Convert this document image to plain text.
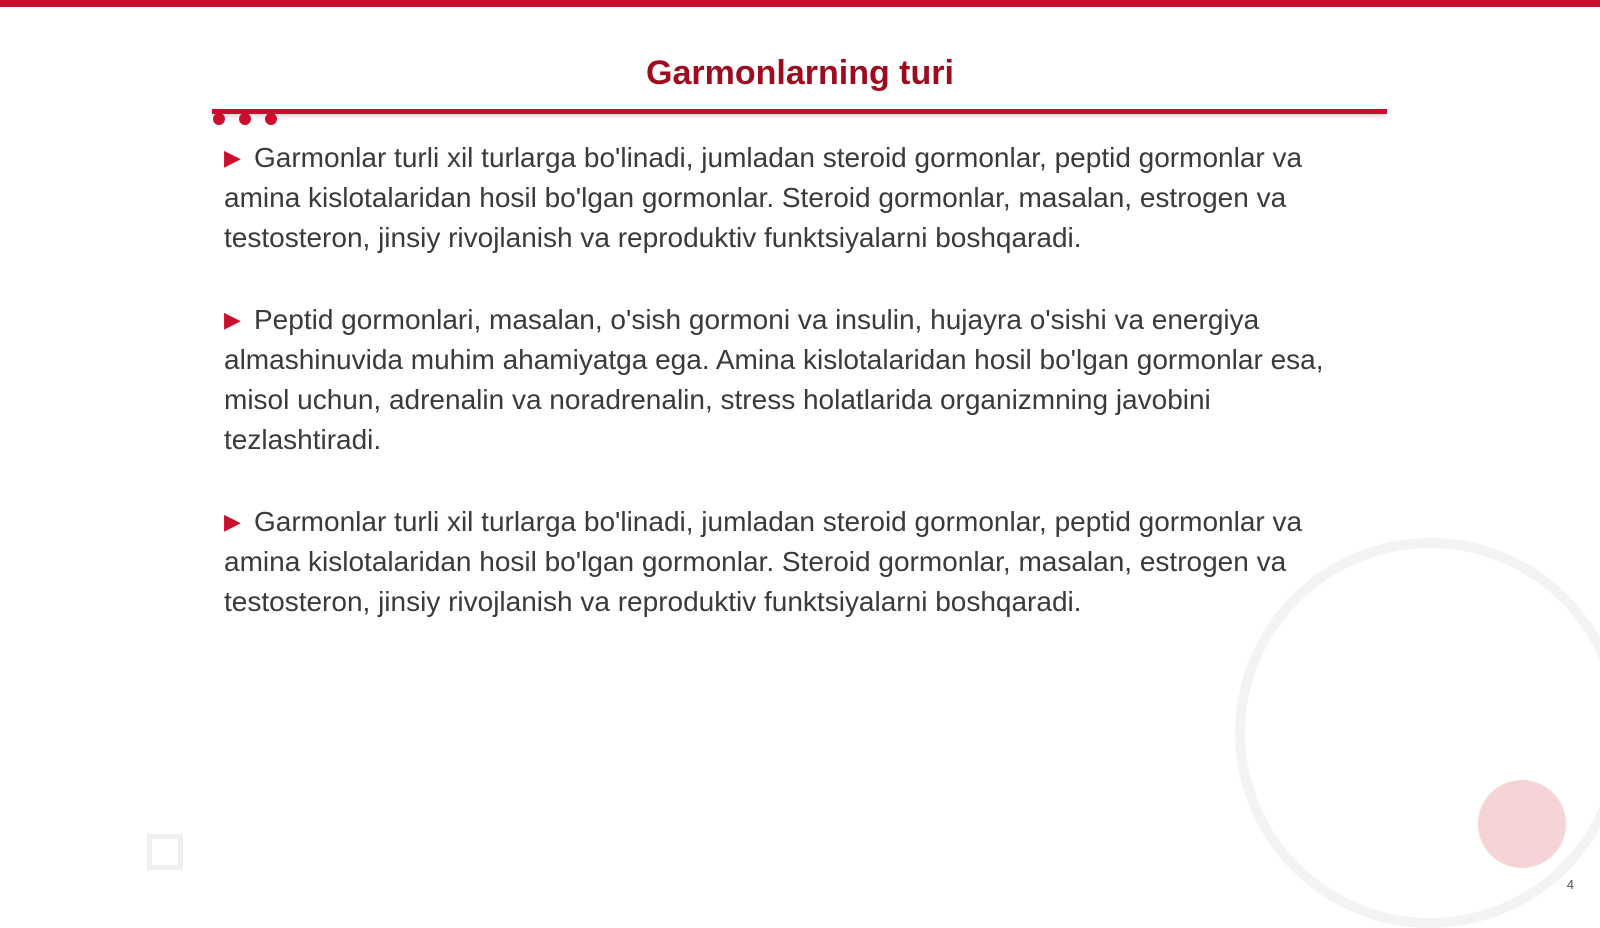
Garmonlarning turi

▶ Garmonlar turli xil turlarga bo'linadi, jumladan steroid gormonlar, peptid gormonlar va amina kislotalaridan hosil bo'lgan gormonlar. Steroid gormonlar, masalan, estrogen va testosteron, jinsiy rivojlanish va reproduktiv funktsiyalarni boshqaradi.

▶ Peptid gormonlari, masalan, o'sish gormoni va insulin, hujayra o'sishi va energiya almashinuvida muhim ahamiyatga ega. Amina kislotalaridan hosil bo'lgan gormonlar esa, misol uchun, adrenalin va noradrenalin, stress holatlarida organizmning javobini tezlashtiradi.

▶ Garmonlar turli xil turlarga bo'linadi, jumladan steroid gormonlar, peptid gormonlar va amina kislotalaridan hosil bo'lgan gormonlar. Steroid gormonlar, masalan, estrogen va testosteron, jinsiy rivojlanish va reproduktiv funktsiyalarni boshqaradi.

4
